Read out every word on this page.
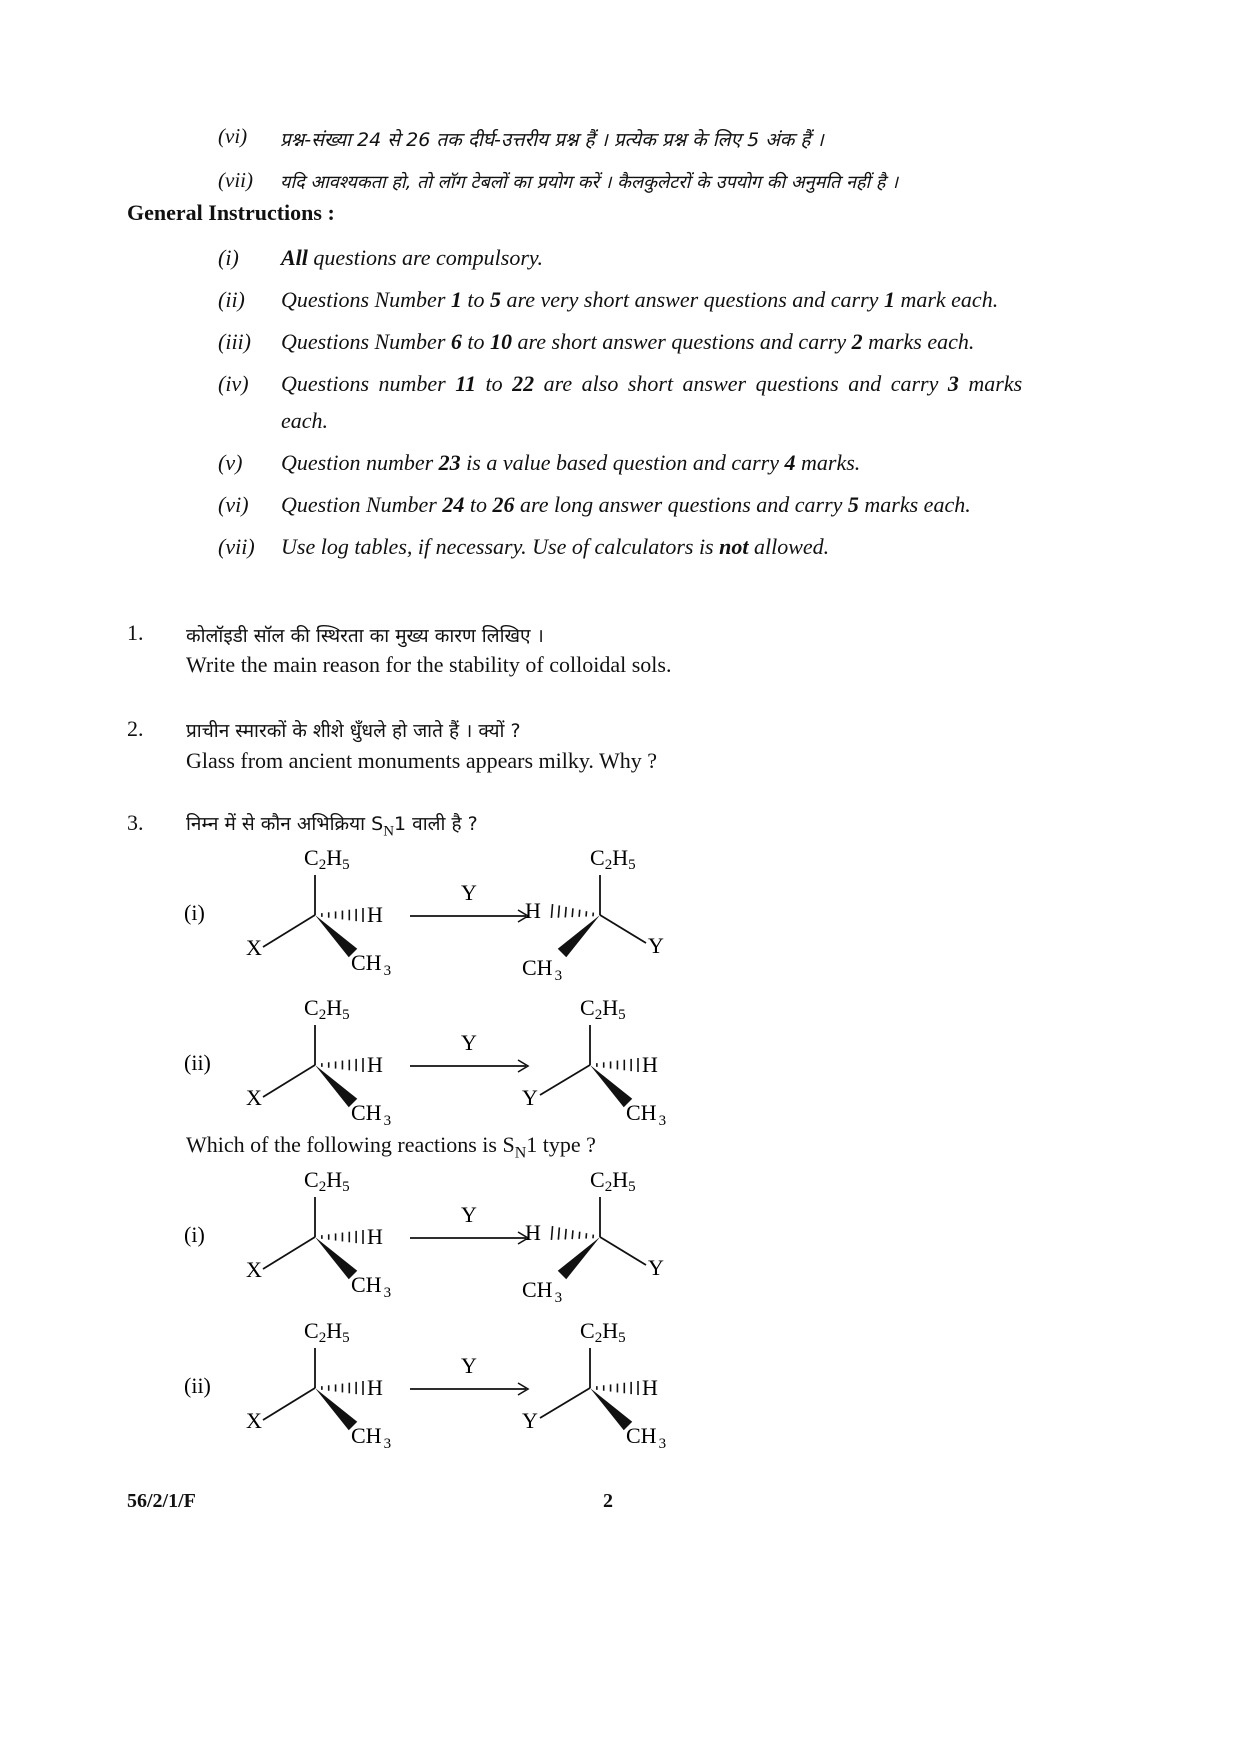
(vi) प्रश्न-संख्या 24 से 26 तक दीर्घ-उत्तरीय प्रश्न हैं । प्रत्येक प्रश्न के लिए 5 अंक हैं ।
(vii) यदि आवश्यकता हो, तो लॉग टेबलों का प्रयोग करें । कैलकुलेटरों के उपयोग की अनुमति नहीं है ।
General Instructions :
(i) All questions are compulsory.
(ii) Questions Number 1 to 5 are very short answer questions and carry 1 mark each.
(iii) Questions Number 6 to 10 are short answer questions and carry 2 marks each.
(iv) Questions number 11 to 22 are also short answer questions and carry 3 marks
each.
(v) Question number 23 is a value based question and carry 4 marks.
(vi) Question Number 24 to 26 are long answer questions and carry 5 marks each.
(vii) Use log tables, if necessary. Use of calculators is not allowed.
1. कोलॉइडी सॉल की स्थिरता का मुख्य कारण लिखिए ।
Write the main reason for the stability of colloidal sols.
2. प्राचीन स्मारकों के शीशे धुँधले हो जाते हैं । क्यों ?
Glass from ancient monuments appears milky. Why ?
3. निम्न में से कौन अभिक्रिया $S_N1$ वाली है ?
(i)
C2H5
X
H
CH $_3$
Y
C2H5
H
CH $_3$
Y
(ii)
C2H5
X
H
CH $_3$
Y
C2H5
Y
H
CH $_3$
Which of the following reactions is $S_N1$ type ?
(i)
C2H5
X
H
CH $_3$
Y
C2H5
H
CH $_3$
Y
(ii)
C2H5
X
H
CH $_3$
Y
C2H5
Y
H
CH $_3$
56/2/1/F	2
